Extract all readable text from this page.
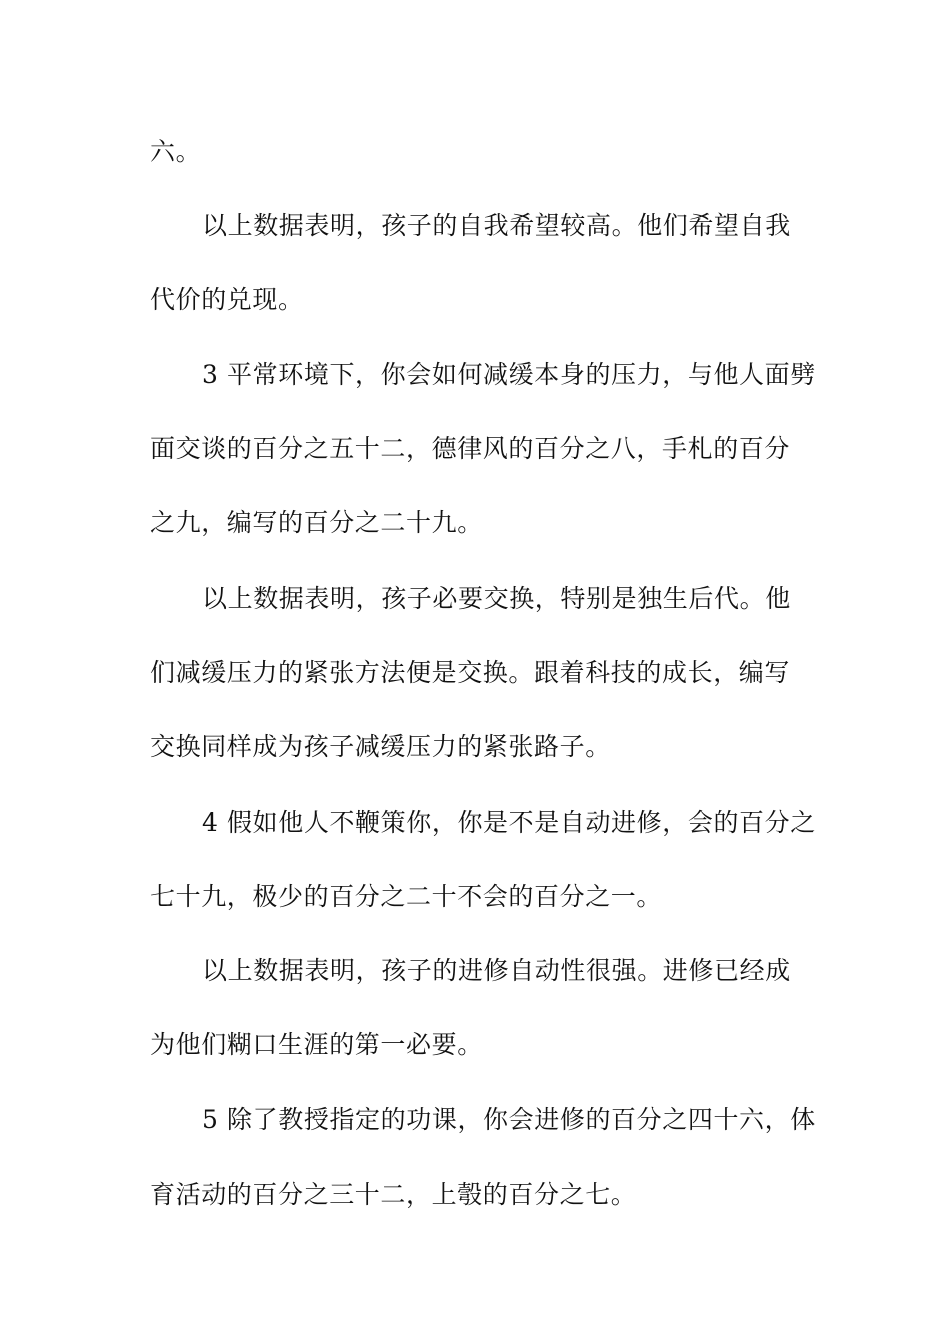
六。
以上数据表明，孩子的自我希望较高。他们希望自我
代价的兑现。
3 平常环境下，你会如何减缓本身的压力，与他人面劈
面交谈的百分之五十二，德律风的百分之八，手札的百分
之九，编写的百分之二十九。
以上数据表明，孩子必要交换，特别是独生后代。他
们减缓压力的紧张方法便是交换。跟着科技的成长，编写
交换同样成为孩子减缓压力的紧张路子。
4 假如他人不鞭策你，你是不是自动进修，会的百分之
七十九，极少的百分之二十不会的百分之一。
以上数据表明，孩子的进修自动性很强。进修已经成
为他们糊口生涯的第一必要。
5 除了教授指定的功课，你会进修的百分之四十六，体
育活动的百分之三十二，上彀的百分之七。
